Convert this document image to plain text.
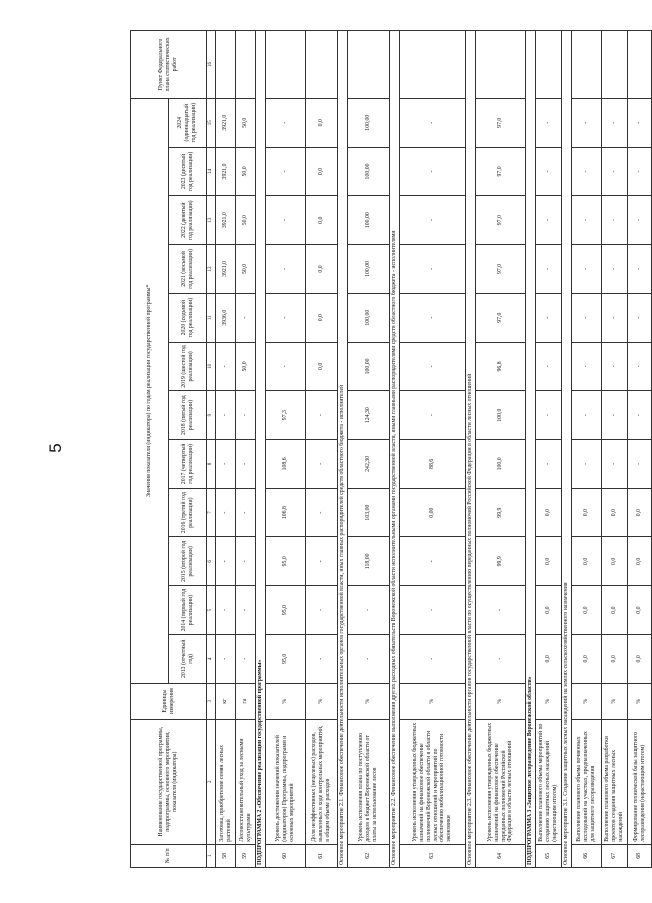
5
№ п/п	Наименование государственной программы, подпрограммы, основного мероприятия, показателя (индикатора)	Единицы измерения	Значения показателя (индикатора) по годам реализации государственной программы*												Пункт Федерального плана статистических работ
			2013 (отчетный год)	2014 (первый год реализации)	2015 (второй год реализации)	2016 (третий год реализации)	2017 (четвертый год реализации)	2018 (пятый год реализации)	2019 (шестой год реализации)	2020 (седьмой год реализации)	2021 (восьмой год реализации)	2022 (девятый год реализации)	2023 (десятый год реализации)	2024 (одиннадцатый год реализации)	
1	2	3	4	5	6	7	8	9	10	11	12	13	14	15	16
58	Заготовка, приобретение семян лесных растений	кг	-	-	-	-	-	-	-	3936,0	3921,0	3921,0	3921,0	3921,0	
59	Лесовосстановительный уход за лесными культурами	га	-	-	-	-	-	-	50,0	-	50,0	50,0	50,0	50,0	
ПОДПРОГРАММА 2 «Обеспечение реализации государственной программы»															
60	Уровень достижения значений показателей (индикаторов) Программы, подпрограмм и основных мероприятий	%	95,0	95,0	95,0	106,8	108,6	97,3	-	-	-	-	-	-	
61	Доля неэффективных (нецелевых) расходов, выявленных в ходе контрольных мероприятий, в общем объеме расходов	%	-	-	-	-	-	-	0,0	0,0	0,0	0,0	0,0	0,0	
Основное мероприятие 2.1. Финансовое обеспечение деятельности исполнительных органов государственной власти, иных главных распорядителей средств областного бюджета - исполнителей															
62	Уровень исполнения плана по поступлению доходов в бюджет Воронежской области от платы за использование лесов	%	-	-	118,00	103,00	242,30	124,30	100,00	100,00	100,00	100,00	100,00	100,00	
Основное мероприятие 2.2. Финансовое обеспечение выполнения других расходных обязательств Воронежской области исполнительными органами государственной власти, иными главными распорядителями средств областного бюджета - исполнителями															
63	Уровень исполнения утвержденных бюджетных назначений на финансовое обеспечение полномочий Воронежской области в области лесных отношений и мероприятий по обеспечению мобилизационной готовности экономики	%	-	-	-	0,00	88,6	-	-	-	-	-	-	-	
Основное мероприятие 2.3. Финансовое обеспечение деятельности органов государственной власти по осуществлению переданных полномочий Российской Федерации в области лесных отношений															
64	Уровень исполнения утвержденных бюджетных назначений на финансовое обеспечение переданных полномочий Российской Федерации в области лесных отношений	%	-	-	99,9	99,9	100,0	100,0	96,8	97,0	97,0	97,0	97,0	97,0	
ПОДПРОГРАММА 3 «Защитное лесоразведение Воронежской области»															
65	Выполнение планового объема мероприятий по созданию защитных лесных насаждений (нарастающим итогом)	%	0,0	0,0	0,0	0,0	-	-	-	-	-	-	-	-	
Основное мероприятие 3.1. Создание защитных лесных насаждений на землях сельскохозяйственного назначения															
66	Выполнение планового объема почвенных исследований на участках, предназначенных для защитного лесоразведения	%	0,0	0,0	0,0	0,0	-	-	-	-	-	-	-	-	
67	Выполнение планового объема разработки проектов создания защитных лесных насаждений	%	0,0	0,0	0,0	0,0	-	-	-	-	-	-	-	-	
68	Формирование технической базы защитного лесоразведения (нарастающим итогом)	%	0,0	0,0	0,0	0,0	-	-	-	-	-	-	-	-	
